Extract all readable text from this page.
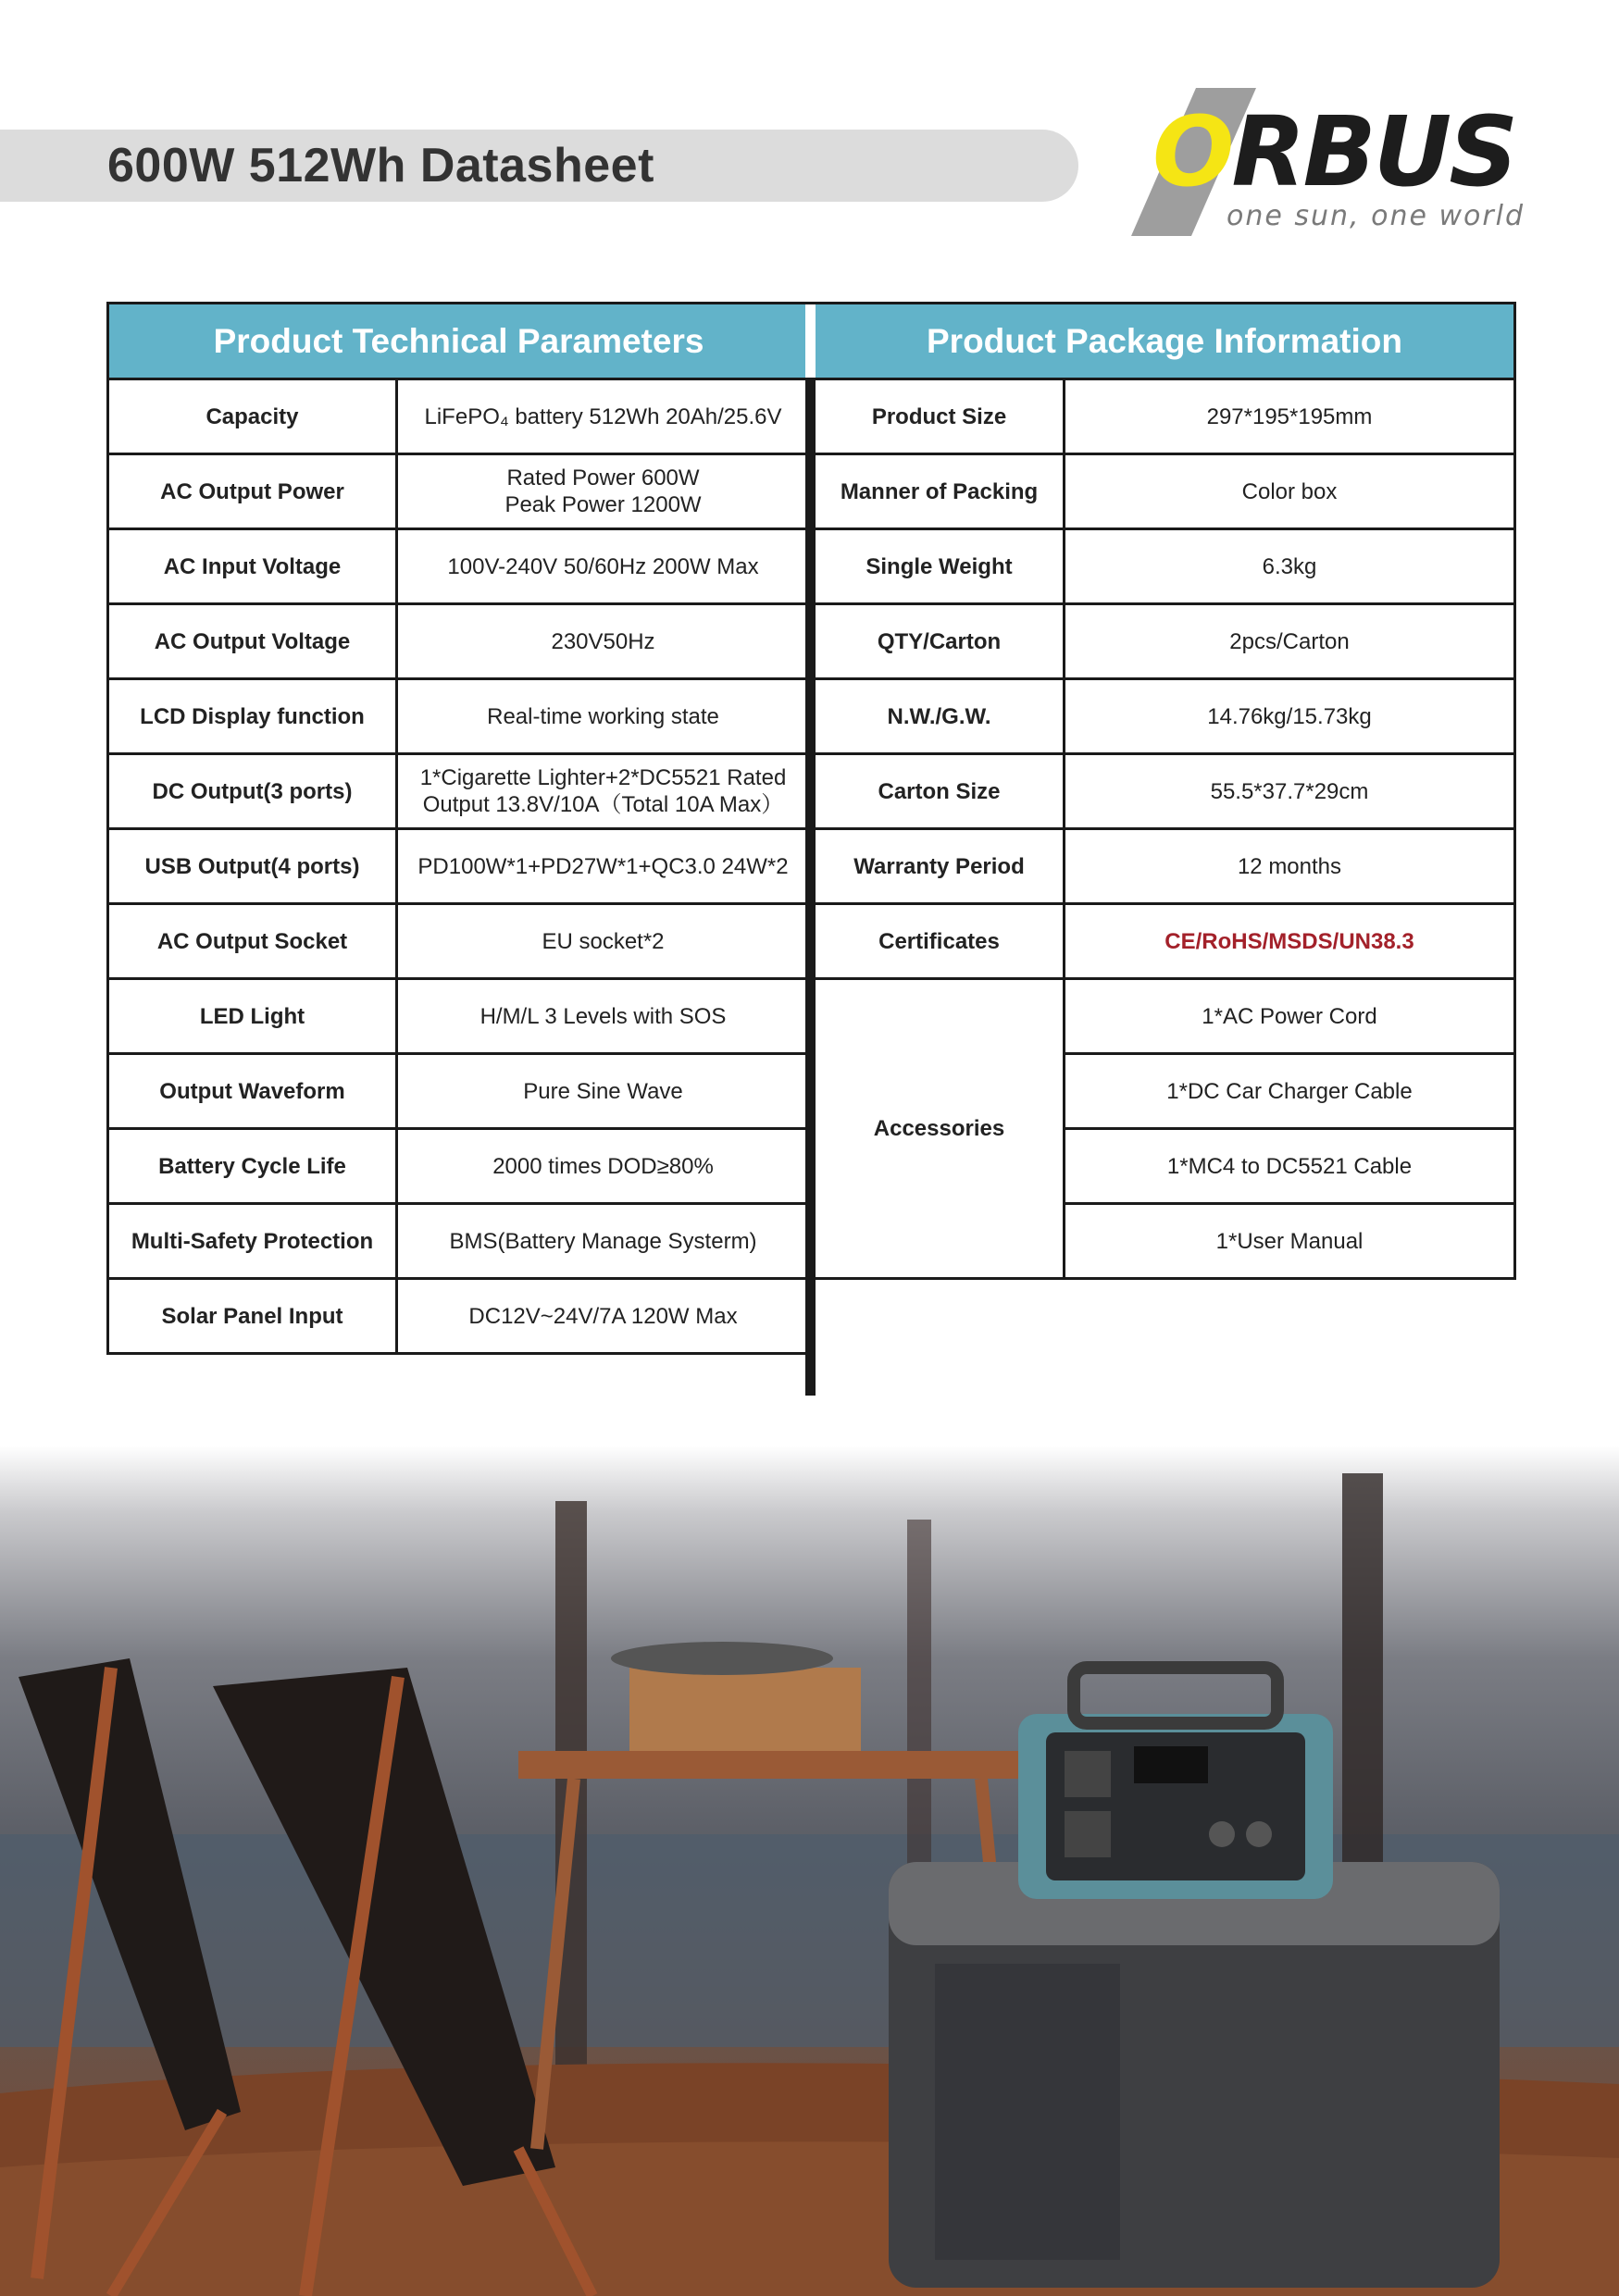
600W 512Wh Datasheet	ORBUS
one sun, one world
Product Technical Parameters	
Capacity	LiFePO₄ battery 512Wh 20Ah/25.6V
AC Output Power	Rated Power 600W
Peak Power 1200W

AC Input Voltage	100V-240V 50/60Hz 200W Max
AC Output Voltage	230V50Hz
LCD Display function	Real-time working state
DC Output(3 ports)	1*Cigarette Lighter+2*DC5521 Rated
Output 13.8V/10A（Total 10A Max）

USB Output(4 ports)	PD100W*1+PD27W*1+QC3.0 24W*2
AC Output Socket	EU socket*2
LED Light	H/M/L 3 Levels with SOS
Output Waveform	Pure Sine Wave
Battery Cycle Life	2000 times DOD≥80%
Multi-Safety Protection	BMS(Battery Manage Systerm)
Solar Panel Input	DC12V~24V/7A 120W Max
Product Package Information	
Product Size	297*195*195mm
Manner of Packing	Color box
Single Weight	6.3kg
QTY/Carton	2pcs/Carton
N.W./G.W.	14.76kg/15.73kg
Carton Size	55.5*37.7*29cm
Warranty Period	12 months
Certificates	CE/RoHS/MSDS/UN38.3

Accessories	1*AC Power Cord
	1*DC Car Charger Cable
	1*MC4 to DC5521 Cable
	1*User Manual
